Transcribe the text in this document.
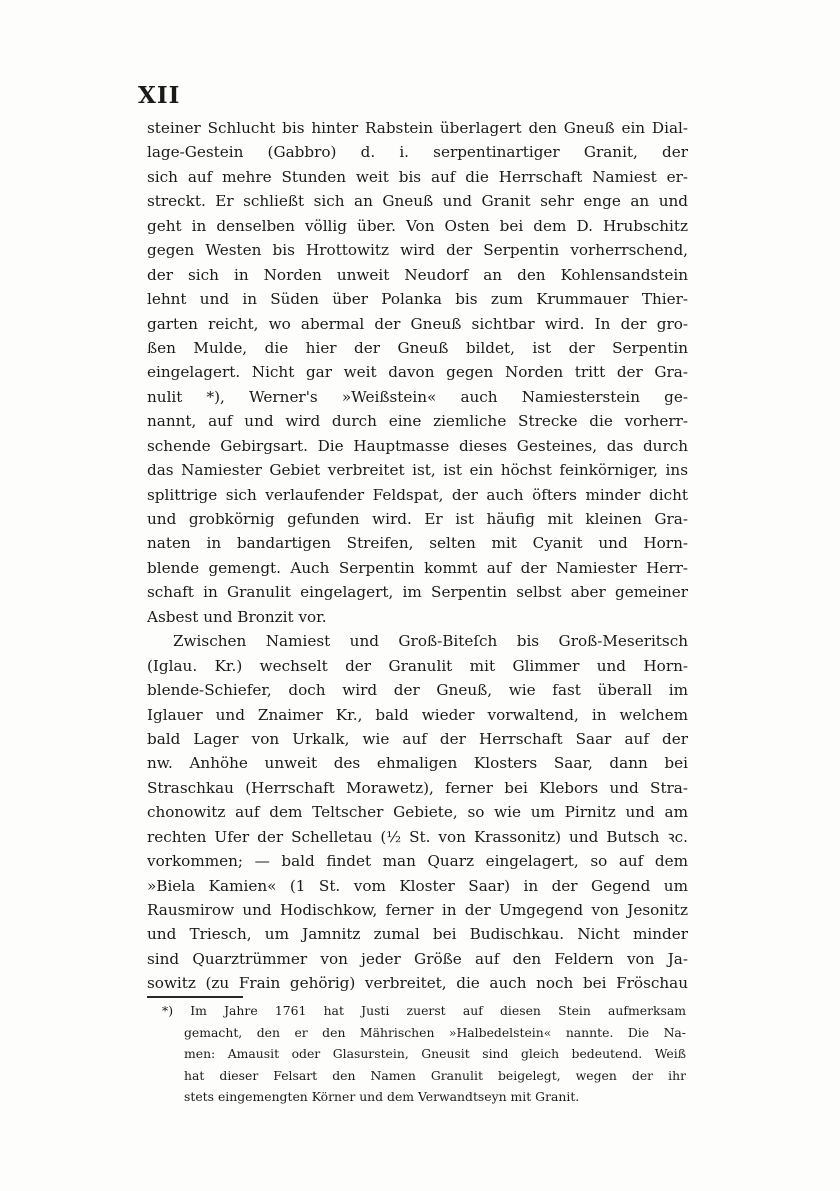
XII
steiner Schlucht bis hinter Rabstein überlagert den Gneuß ein Dial-
lage-Gestein (Gabbro) d. i. serpentinartiger Granit, der
sich auf mehre Stunden weit bis auf die Herrschaft Namiest er-
streckt. Er schließt sich an Gneuß und Granit sehr enge an und
geht in denselben völlig über. Von Osten bei dem D. Hrubschitz
gegen Westen bis Hrottowitz wird der Serpentin vorherrschend,
der sich in Norden unweit Neudorf an den Kohlensandstein
lehnt und in Süden über Polanka bis zum Krummauer Thier-
garten reicht, wo abermal der Gneuß sichtbar wird. In der gro-
ßen Mulde, die hier der Gneuß bildet, ist der Serpentin
eingelagert. Nicht gar weit davon gegen Norden tritt der Gra-
nulit *), Werner's »Weißstein« auch Namiesterstein ge-
nannt, auf und wird durch eine ziemliche Strecke die vorherr-
schende Gebirgsart. Die Hauptmasse dieses Gesteines, das durch
das Namiester Gebiet verbreitet ist, ist ein höchst feinkörniger, ins
splittrige sich verlaufender Feldspat, der auch öfters minder dicht
und grobkörnig gefunden wird. Er ist häufig mit kleinen Gra-
naten in bandartigen Streifen, selten mit Cyanit und Horn-
blende gemengt. Auch Serpentin kommt auf der Namiester Herr-
schaft in Granulit eingelagert, im Serpentin selbst aber gemeiner
Asbest und Bronzit vor.
Zwischen Namiest und Groß-Biteſch bis Groß-Meseritsch
(Iglau. Kr.) wechselt der Granulit mit Glimmer und Horn-
blende-Schiefer, doch wird der Gneuß, wie fast überall im
Iglauer und Znaimer Kr., bald wieder vorwaltend, in welchem
bald Lager von Urkalk, wie auf der Herrschaft Saar auf der
nw. Anhöhe unweit des ehmaligen Klosters Saar, dann bei
Straschkau (Herrschaft Morawetz), ferner bei Klebors und Stra-
chonowitz auf dem Teltscher Gebiete, so wie um Pirnitz und am
rechten Ufer der Schelletau (½ St. von Krassonitz) und Butsch ꝛc.
vorkommen; — bald findet man Quarz eingelagert, so auf dem
»Biela Kamien« (1 St. vom Kloster Saar) in der Gegend um
Rausmirow und Hodischkow, ferner in der Umgegend von Jesonitz
und Triesch, um Jamnitz zumal bei Budischkau. Nicht minder
sind Quarztrümmer von jeder Größe auf den Feldern von Ja-
sowitz (zu Frain gehörig) verbreitet, die auch noch bei Fröschau
*) Im Jahre 1761 hat Justi zuerst auf diesen Stein aufmerksam
gemacht, den er den Mährischen »Halbedelstein« nannte. Die Na-
men: Amausit oder Glasurstein, Gneusit sind gleich bedeutend. Weiß
hat dieser Felsart den Namen Granulit beigelegt, wegen der ihr
stets eingemengten Körner und dem Verwandtseyn mit Granit.
